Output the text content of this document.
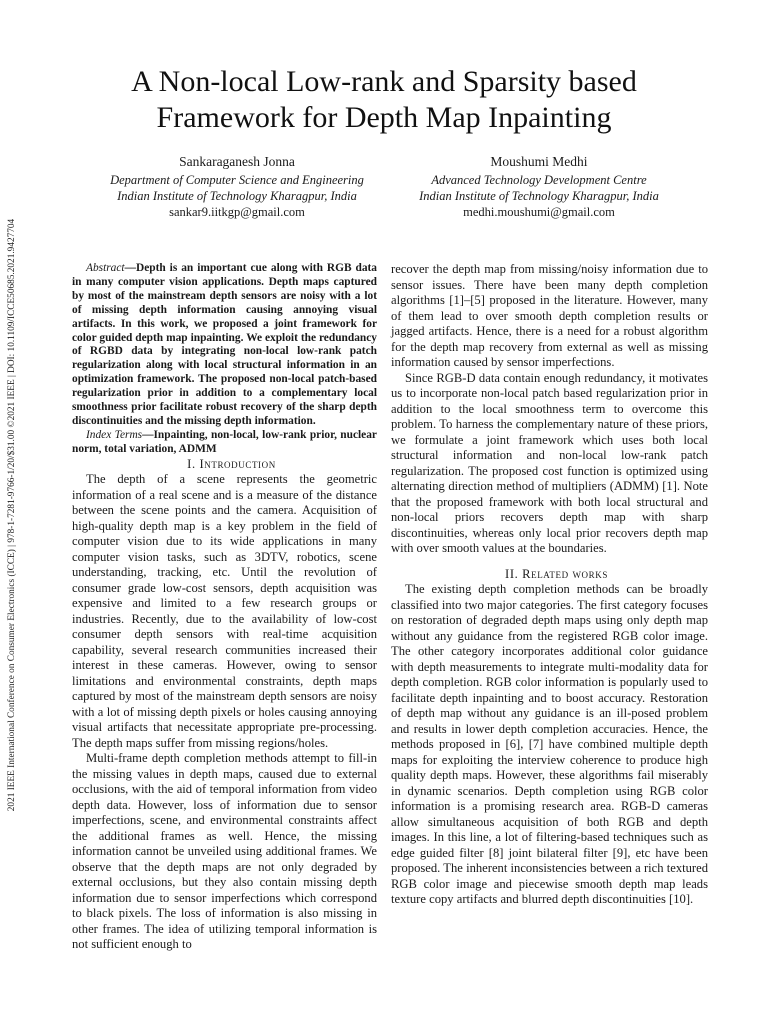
2021 IEEE International Conference on Consumer Electronics (ICCE) | 978-1-7281-9766-1/20/$31.00 ©2021 IEEE | DOI: 10.1109/ICCE50685.2021.9427704
A Non-local Low-rank and Sparsity based
Framework for Depth Map Inpainting
Sankaraganesh Jonna
Department of Computer Science and Engineering
Indian Institute of Technology Kharagpur, India
sankar9.iitkgp@gmail.com
Moushumi Medhi
Advanced Technology Development Centre
Indian Institute of Technology Kharagpur, India
medhi.moushumi@gmail.com

Abstract—Depth is an important cue along with RGB data in many computer vision applications. Depth maps captured by most of the mainstream depth sensors are noisy with a lot of missing depth information causing annoying visual artifacts. In this work, we proposed a joint framework for color guided depth map inpainting. We exploit the redundancy of RGBD data by integrating non-local low-rank patch regularization along with local structural information in an optimization framework. The proposed non-local patch-based regularization prior in addition to a complementary local smoothness prior facilitate robust recovery of the sharp depth discontinuities and the missing depth information.

Index Terms—Inpainting, non-local, low-rank prior, nuclear norm, total variation, ADMM

I. Introduction

The depth of a scene represents the geometric information of a real scene and is a measure of the distance between the scene points and the camera. Acquisition of high-quality depth map is a key problem in the field of computer vision due to its wide applications in many computer vision tasks, such as 3DTV, robotics, scene understanding, tracking, etc. Until the revolution of consumer grade low-cost sensors, depth acquisition was expensive and limited to a few research groups or industries. Recently, due to the availability of low-cost consumer depth sensors with real-time acquisition capability, several research communities increased their interest in these cameras. However, owing to sensor limitations and environmental constraints, depth maps captured by most of the mainstream depth sensors are noisy with a lot of missing depth pixels or holes causing annoying visual artifacts that necessitate appropriate pre-processing. The depth maps suffer from missing regions/holes.

Multi-frame depth completion methods attempt to fill-in the missing values in depth maps, caused due to external occlusions, with the aid of temporal information from video depth data. However, loss of information due to sensor imperfections, scene, and environmental constraints affect the additional frames as well. Hence, the missing information cannot be unveiled using additional frames. We observe that the depth maps are not only degraded by external occlusions, but they also contain missing depth information due to sensor imperfections which correspond to black pixels. The loss of information is also missing in other frames. The idea of utilizing temporal information is not sufficient enough to

recover the depth map from missing/noisy information due to sensor issues. There have been many depth completion algorithms [1]–[5] proposed in the literature. However, many of them lead to over smooth depth completion results or jagged artifacts. Hence, there is a need for a robust algorithm for the depth map recovery from external as well as missing information caused by sensor imperfections.

Since RGB-D data contain enough redundancy, it motivates us to incorporate non-local patch based regularization prior in addition to the local smoothness term to overcome this problem. To harness the complementary nature of these priors, we formulate a joint framework which uses both local structural information and non-local low-rank patch regularization. The proposed cost function is optimized using alternating direction method of multipliers (ADMM) [1]. Note that the proposed framework with both local structural and non-local priors recovers depth map with sharp discontinuities, whereas only local prior recovers depth map with over smooth values at the boundaries.

II. Related works

The existing depth completion methods can be broadly classified into two major categories. The first category focuses on restoration of degraded depth maps using only depth map without any guidance from the registered RGB color image. The other category incorporates additional color guidance with depth measurements to integrate multi-modality data for depth completion. RGB color information is popularly used to facilitate depth inpainting and to boost accuracy. Restoration of depth map without any guidance is an ill-posed problem and results in lower depth completion accuracies. Hence, the methods proposed in [6], [7] have combined multiple depth maps for exploiting the interview coherence to produce high quality depth maps. However, these algorithms fail miserably in dynamic scenarios. Depth completion using RGB color information is a promising research area. RGB-D cameras allow simultaneous acquisition of both RGB and depth images. In this line, a lot of filtering-based techniques such as edge guided filter [8] joint bilateral filter [9], etc have been proposed. The inherent inconsistencies between a rich textured RGB color image and piecewise smooth depth map leads texture copy artifacts and blurred depth discontinuities [10].
